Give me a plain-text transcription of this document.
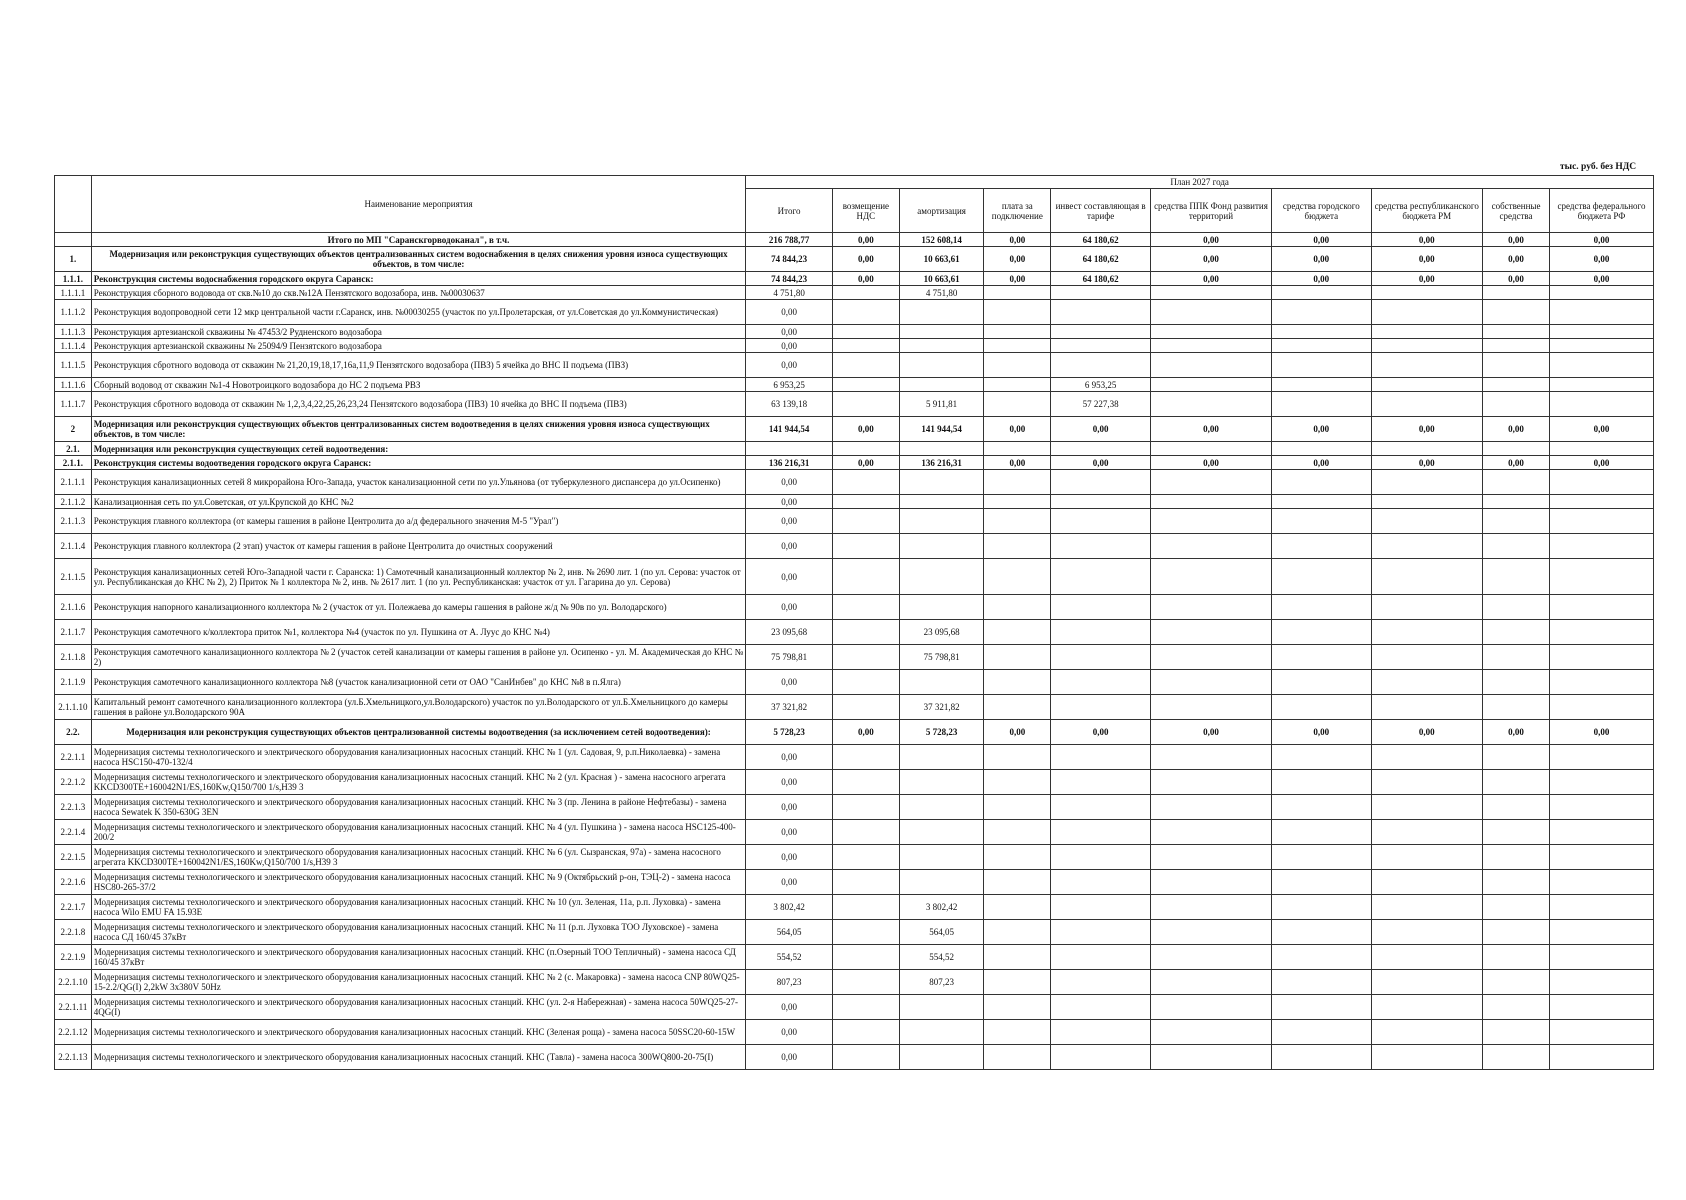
тыс. руб. без НДС
	Наименование мероприятия	План 2027 года									
		Итого	возмещение НДС	амортизация	плата за подключение	инвест составляющая в тарифе	средства ППК Фонд развития территорий	средства городского бюджета	средства республиканского бюджета РМ	собственные средства	средства федерального бюджета РФ
	Итого по МП "Саранскгорводоканал", в т.ч.	216 788,77	0,00	152 608,14	0,00	64 180,62	0,00	0,00	0,00	0,00	0,00
1.	Модернизация или реконструкция существующих объектов централизованных систем водоснабжения в целях снижения уровня износа существующих объектов, в том числе:	74 844,23	0,00	10 663,61	0,00	64 180,62	0,00	0,00	0,00	0,00	0,00
1.1.1.	Реконструкция системы водоснабжения городского округа Саранск:	74 844,23	0,00	10 663,61	0,00	64 180,62	0,00	0,00	0,00	0,00	0,00
1.1.1.1	Реконструкция сборного водовода от скв.№10 до скв.№12А Пензятского водозабора, инв. №00030637	4 751,80		4 751,80							
1.1.1.2	Реконструкция водопроводной сети 12 мкр центральной части г.Саранск, инв. №00030255 (участок по ул.Пролетарская, от ул.Советская до ул.Коммунистическая)	0,00									
1.1.1.3	Реконструкция артезианской скважины № 47453/2 Рудненского водозабора	0,00									
1.1.1.4	Реконструкция артезианской скважины № 25094/9 Пензятского водозабора	0,00									
1.1.1.5	Реконструкция сбротного водовода от скважин № 21,20,19,18,17,16а,11,9 Пензятского водозабора (ПВЗ) 5 ячейка до ВНС II подъема (ПВЗ)	0,00									
1.1.1.6	Сборный водовод от скважин №1-4 Новотроицкого водозабора до НС 2 подъема РВЗ	6 953,25				6 953,25					
1.1.1.7	Реконструкция сбротного водовода от скважин № 1,2,3,4,22,25,26,23,24 Пензятского водозабора (ПВЗ) 10 ячейка до ВНС II подъема (ПВЗ)	63 139,18		5 911,81		57 227,38					
2	Модернизация или реконструкция существующих объектов централизованных систем водоотведения в целях снижения уровня износа существующих объектов, в том числе:	141 944,54	0,00	141 944,54	0,00	0,00	0,00	0,00	0,00	0,00	0,00
2.1.	Модернизация или реконструкция существующих сетей водоотведения:										
2.1.1.	Реконструкция системы водоотведения городского округа Саранск:	136 216,31	0,00	136 216,31	0,00	0,00	0,00	0,00	0,00	0,00	0,00
2.1.1.1	Реконструкция канализационных сетей 8 микрорайона Юго-Запада, участок канализационной сети по ул.Ульянова (от туберкулезного диспансера до ул.Осипенко)	0,00									
2.1.1.2	Канализационная сеть по ул.Советская, от ул.Крупской до КНС №2	0,00									
2.1.1.3	Реконструкция главного коллектора (от камеры гашения в районе Центролита до а/д федерального значения М-5 "Урал")	0,00									
2.1.1.4	Реконструкция главного коллектора (2 этап) участок от камеры гашения в районе Центролита до очистных сооружений	0,00									
2.1.1.5	Реконструкция канализационных сетей Юго-Западной части г. Саранска: 1) Самотечный канализационный коллектор № 2, инв. № 2690 лит. 1 (по ул. Серова: участок от ул. Республиканская до КНС № 2), 2) Приток № 1 коллектора № 2, инв. № 2617 лит. 1 (по ул. Республиканская: участок от ул. Гагарина до ул. Серова)	0,00									
2.1.1.6	Реконструкция напорного канализационного коллектора № 2 (участок от ул. Полежаева до камеры гашения в районе ж/д № 90в по ул. Володарского)	0,00									
2.1.1.7	Реконструкция самотечного к/коллектора приток №1, коллектора №4 (участок по ул. Пушкина от А. Луус до КНС №4)	23 095,68		23 095,68							
2.1.1.8	Реконструкция самотечного канализационного коллектора № 2 (участок сетей канализации от камеры гашения в районе ул. Осипенко - ул. М. Академическая до КНС № 2)	75 798,81		75 798,81							
2.1.1.9	Реконструкция самотечного канализационного коллектора №8 (участок канализационной сети от ОАО "СанИнбев" до КНС №8 в п.Ялга)	0,00									
2.1.1.10	Капитальный ремонт самотечного канализационного коллектора (ул.Б.Хмельницкого,ул.Володарского) участок по ул.Володарского от ул.Б.Хмельницкого до камеры гашения в районе ул.Володарского 90А	37 321,82		37 321,82							
2.2.	Модернизация или реконструкция существующих объектов централизованной системы водоотведения (за исключением сетей водоотведения):	5 728,23	0,00	5 728,23	0,00	0,00	0,00	0,00	0,00	0,00	0,00
2.2.1.1	Модернизация системы технологического и электрического оборудования канализационных насосных станций. КНС № 1 (ул. Садовая, 9, р.п.Николаевка) - замена насоса HSC150-470-132/4	0,00									
2.2.1.2	Модернизация системы технологического и электрического оборудования канализационных насосных станций. КНС № 2 (ул. Красная ) - замена насосного агрегата KKCD300TE+160042N1/ES,160Kw,Q150/700 1/s,H39 3	0,00									
2.2.1.3	Модернизация системы технологического и электрического оборудования канализационных насосных станций. КНС № 3 (пр. Ленина в районе Нефтебазы) - замена насоса Sewatek K 350-630G 3EN	0,00									
2.2.1.4	Модернизация системы технологического и электрического оборудования канализационных насосных станций. КНС № 4 (ул. Пушкина ) - замена насоса HSC125-400-200/2	0,00									
2.2.1.5	Модернизация системы технологического и электрического оборудования канализационных насосных станций. КНС № 6 (ул. Сызранская, 97а) - замена насосного агрегата KKCD300TE+160042N1/ES,160Kw,Q150/700 1/s,H39 3	0,00									
2.2.1.6	Модернизация системы технологического и электрического оборудования канализационных насосных станций. КНС № 9 (Октябрьский р-он, ТЭЦ-2) - замена насоса HSC80-265-37/2	0,00									
2.2.1.7	Модернизация системы технологического и электрического оборудования канализационных насосных станций. КНС № 10 (ул. Зеленая, 11а, р.п. Луховка) - замена насоса Wilo EMU FA 15.93E	3 802,42		3 802,42							
2.2.1.8	Модернизация системы технологического и электрического оборудования канализационных насосных станций. КНС № 11 (р.п. Луховка ТОО Луховское) - замена насоса СД 160/45 37кВт	564,05		564,05							
2.2.1.9	Модернизация системы технологического и электрического оборудования канализационных насосных станций. КНС (п.Озерный ТОО Тепличный) - замена насоса СД 160/45 37кВт	554,52		554,52							
2.2.1.10	Модернизация системы технологического и электрического оборудования канализационных насосных станций. КНС № 2 (с. Макаровка) - замена насоса CNP 80WQ25-15-2.2/QG(I) 2,2kW 3x380V 50Hz	807,23		807,23							
2.2.1.11	Модернизация системы технологического и электрического оборудования канализационных насосных станций. КНС (ул. 2-я Набережная) - замена насоса 50WQ25-27-4QG(I)	0,00									
2.2.1.12	Модернизация системы технологического и электрического оборудования канализационных насосных станций. КНС (Зеленая роща) - замена насоса 50SSC20-60-15W	0,00									
2.2.1.13	Модернизация системы технологического и электрического оборудования канализационных насосных станций. КНС (Тавла) - замена насоса 300WQ800-20-75(I)	0,00									
